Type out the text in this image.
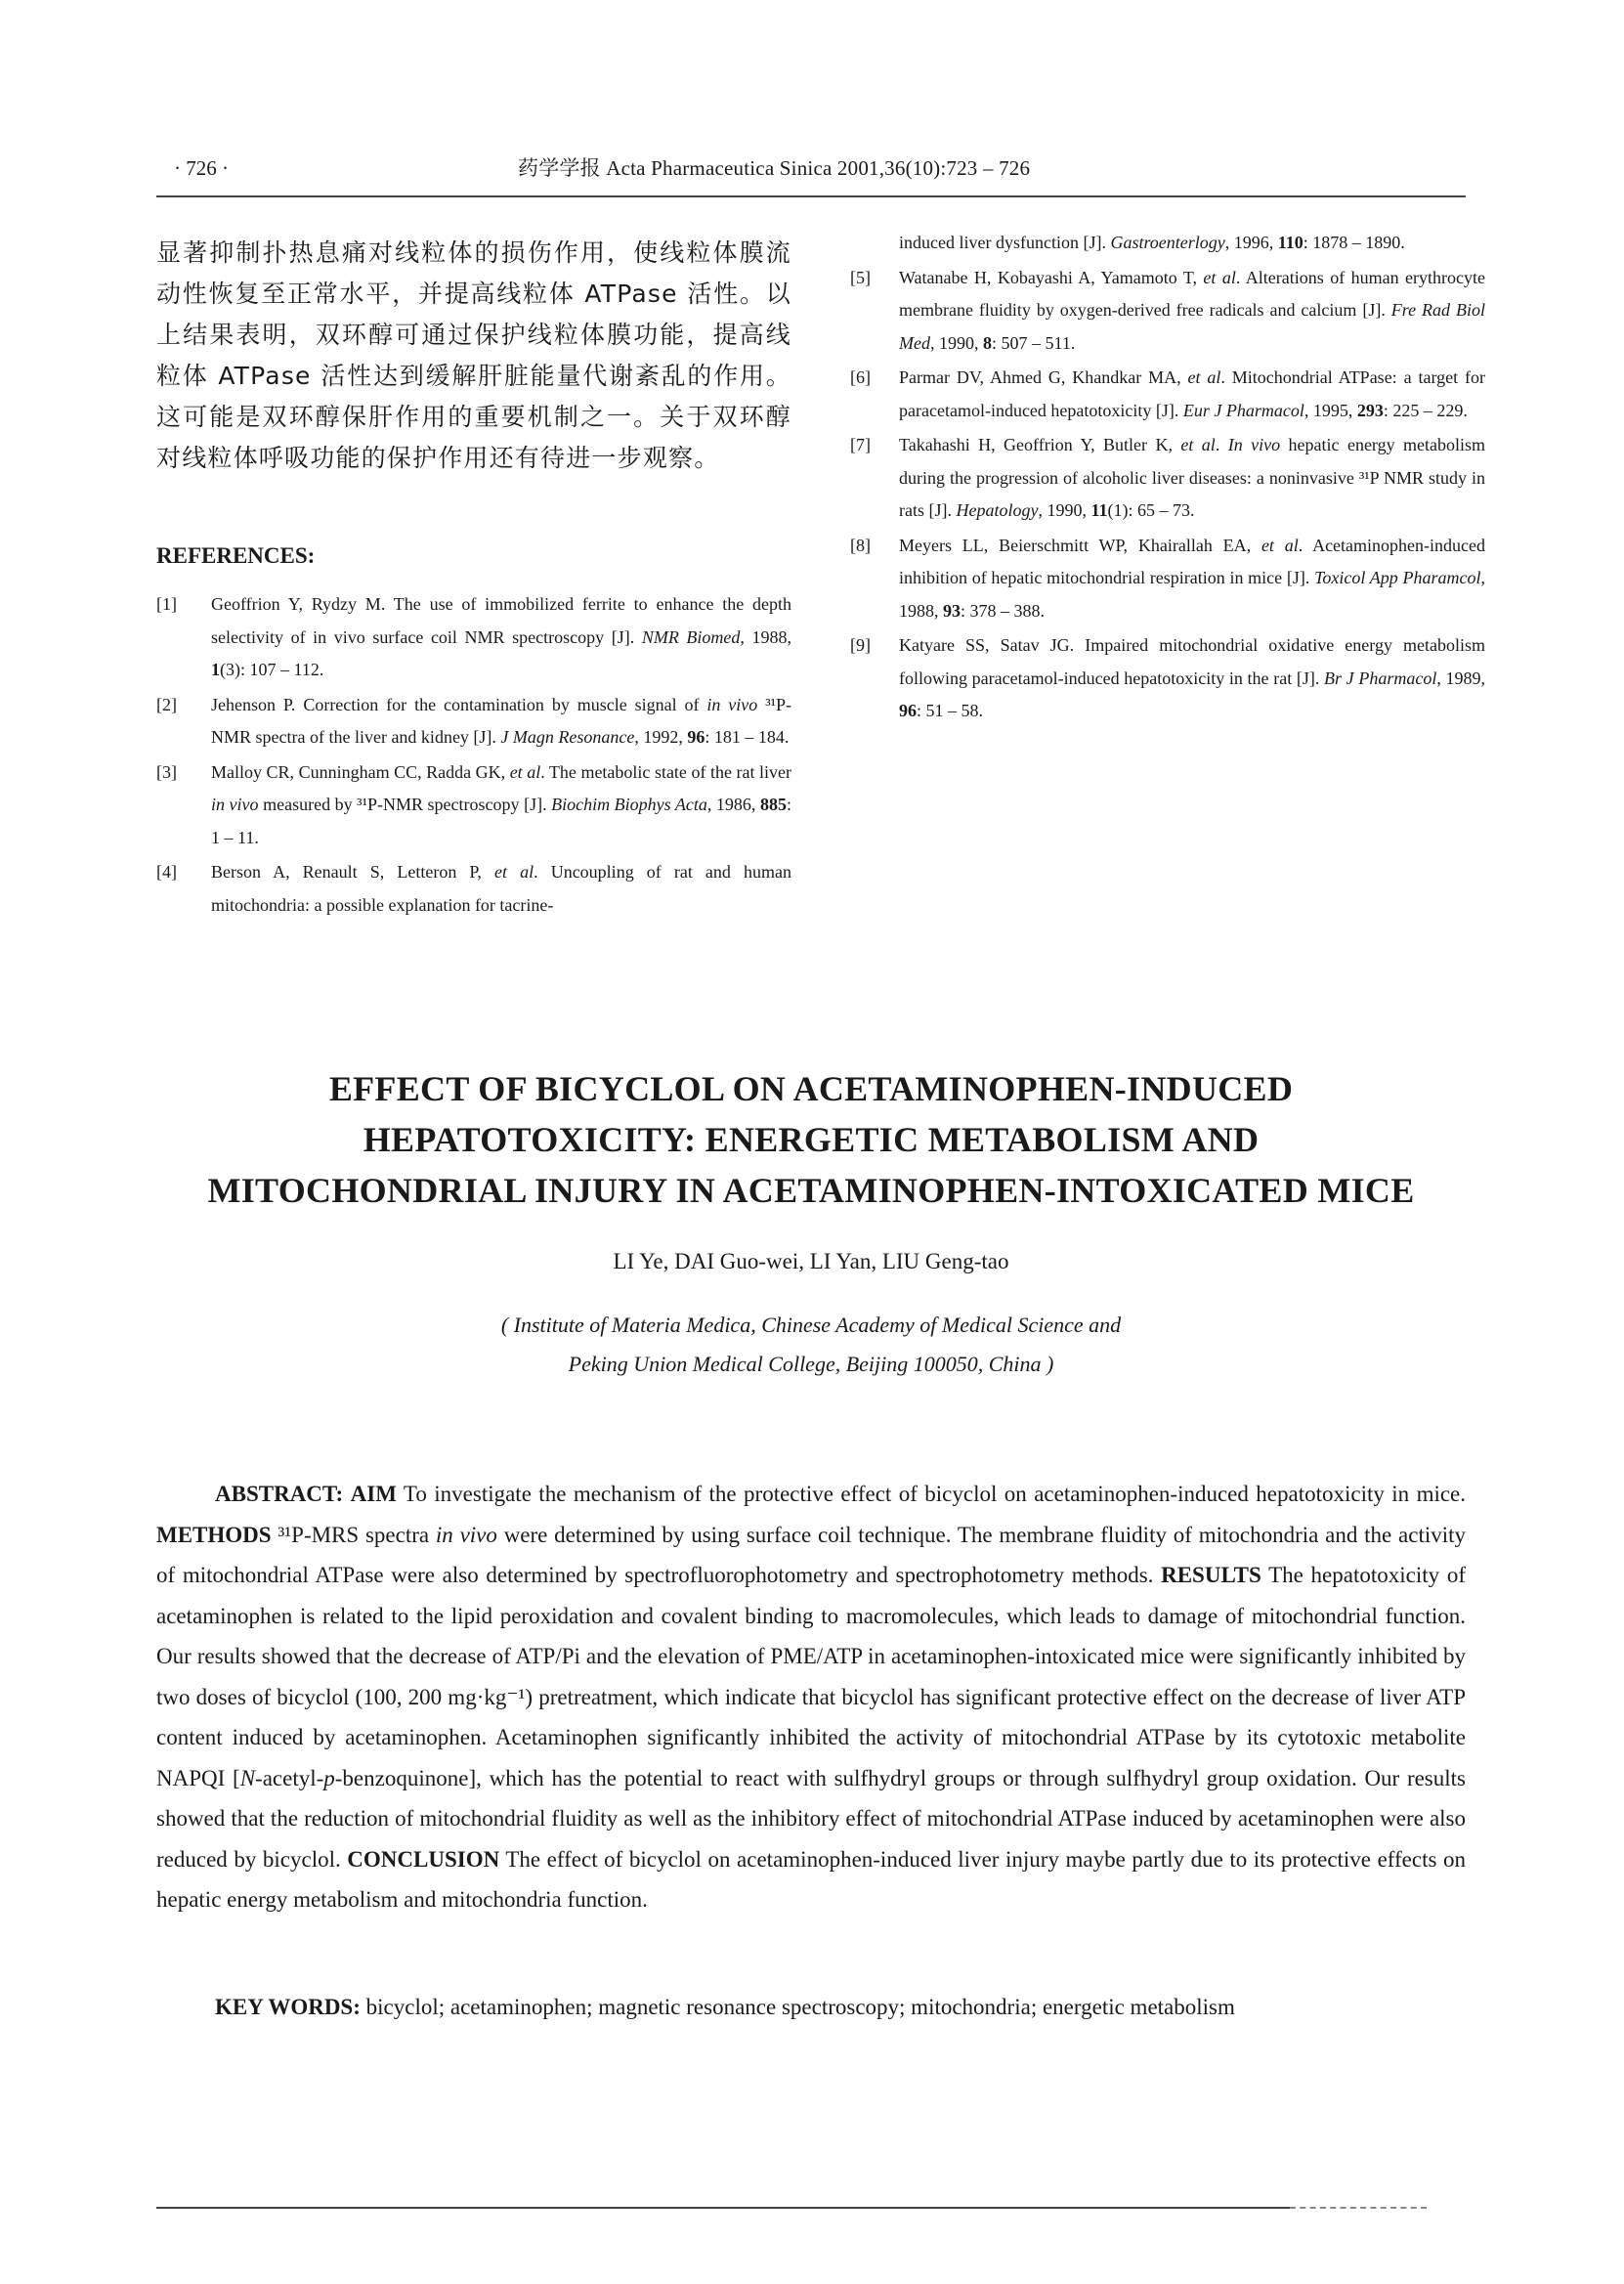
· 726 ·	药学学报 Acta Pharmaceutica Sinica 2001,36(10):723 – 726

显著抑制扑热息痛对线粒体的损伤作用，使线粒体膜流动性恢复至正常水平，并提高线粒体 ATPase 活性。以上结果表明，双环醇可通过保护线粒体膜功能，提高线粒体 ATPase 活性达到缓解肝脏能量代谢紊乱的作用。这可能是双环醇保肝作用的重要机制之一。关于双环醇对线粒体呼吸功能的保护作用还有待进一步观察。

REFERENCES:

[1] Geoffrion Y, Rydzy M. The use of immobilized ferrite to enhance the depth selectivity of in vivo surface coil NMR spectroscopy [J]. NMR Biomed, 1988, 1(3): 107 – 112.

[2] Jehenson P. Correction for the contamination by muscle signal of in vivo ³¹P-NMR spectra of the liver and kidney [J]. J Magn Resonance, 1992, 96: 181 – 184.

[3] Malloy CR, Cunningham CC, Radda GK, et al. The metabolic state of the rat liver in vivo measured by ³¹P-NMR spectroscopy [J]. Biochim Biophys Acta, 1986, 885: 1 – 11.

[4] Berson A, Renault S, Letteron P, et al. Uncoupling of rat and human mitochondria: a possible explanation for tacrine-

induced liver dysfunction [J]. Gastroenterlogy, 1996, 110: 1878 – 1890.

[5] Watanabe H, Kobayashi A, Yamamoto T, et al. Alterations of human erythrocyte membrane fluidity by oxygen-derived free radicals and calcium [J]. Fre Rad Biol Med, 1990, 8: 507 – 511.

[6] Parmar DV, Ahmed G, Khandkar MA, et al. Mitochondrial ATPase: a target for paracetamol-induced hepatotoxicity [J]. Eur J Pharmacol, 1995, 293: 225 – 229.

[7] Takahashi H, Geoffrion Y, Butler K, et al. In vivo hepatic energy metabolism during the progression of alcoholic liver diseases: a noninvasive ³¹P NMR study in rats [J]. Hepatology, 1990, 11(1): 65 – 73.

[8] Meyers LL, Beierschmitt WP, Khairallah EA, et al. Acetaminophen-induced inhibition of hepatic mitochondrial respiration in mice [J]. Toxicol App Pharamcol, 1988, 93: 378 – 388.

[9] Katyare SS, Satav JG. Impaired mitochondrial oxidative energy metabolism following paracetamol-induced hepatotoxicity in the rat [J]. Br J Pharmacol, 1989, 96: 51 – 58.

EFFECT OF BICYCLOL ON ACETAMINOPHEN-INDUCED
HEPATOTOXICITY: ENERGETIC METABOLISM AND
MITOCHONDRIAL INJURY IN ACETAMINOPHEN-INTOXICATED MICE
LI Ye, DAI Guo-wei, LI Yan, LIU Geng-tao
( Institute of Materia Medica, Chinese Academy of Medical Science and
Peking Union Medical College, Beijing 100050, China )

ABSTRACT: AIM To investigate the mechanism of the protective effect of bicyclol on acetaminophen-induced hepatotoxicity in mice. METHODS ³¹P-MRS spectra in vivo were determined by using surface coil technique. The membrane fluidity of mitochondria and the activity of mitochondrial ATPase were also determined by spectrofluorophotometry and spectrophotometry methods. RESULTS The hepatotoxicity of acetaminophen is related to the lipid peroxidation and covalent binding to macromolecules, which leads to damage of mitochondrial function. Our results showed that the decrease of ATP/Pi and the elevation of PME/ATP in acetaminophen-intoxicated mice were significantly inhibited by two doses of bicyclol (100, 200 mg·kg⁻¹) pretreatment, which indicate that bicyclol has significant protective effect on the decrease of liver ATP content induced by acetaminophen. Acetaminophen significantly inhibited the activity of mitochondrial ATPase by its cytotoxic metabolite NAPQI [N-acetyl-p-benzoquinone], which has the potential to react with sulfhydryl groups or through sulfhydryl group oxidation. Our results showed that the reduction of mitochondrial fluidity as well as the inhibitory effect of mitochondrial ATPase induced by acetaminophen were also reduced by bicyclol. CONCLUSION The effect of bicyclol on acetaminophen-induced liver injury maybe partly due to its protective effects on hepatic energy metabolism and mitochondria function.

KEY WORDS: bicyclol; acetaminophen; magnetic resonance spectroscopy; mitochondria; energetic metabolism
